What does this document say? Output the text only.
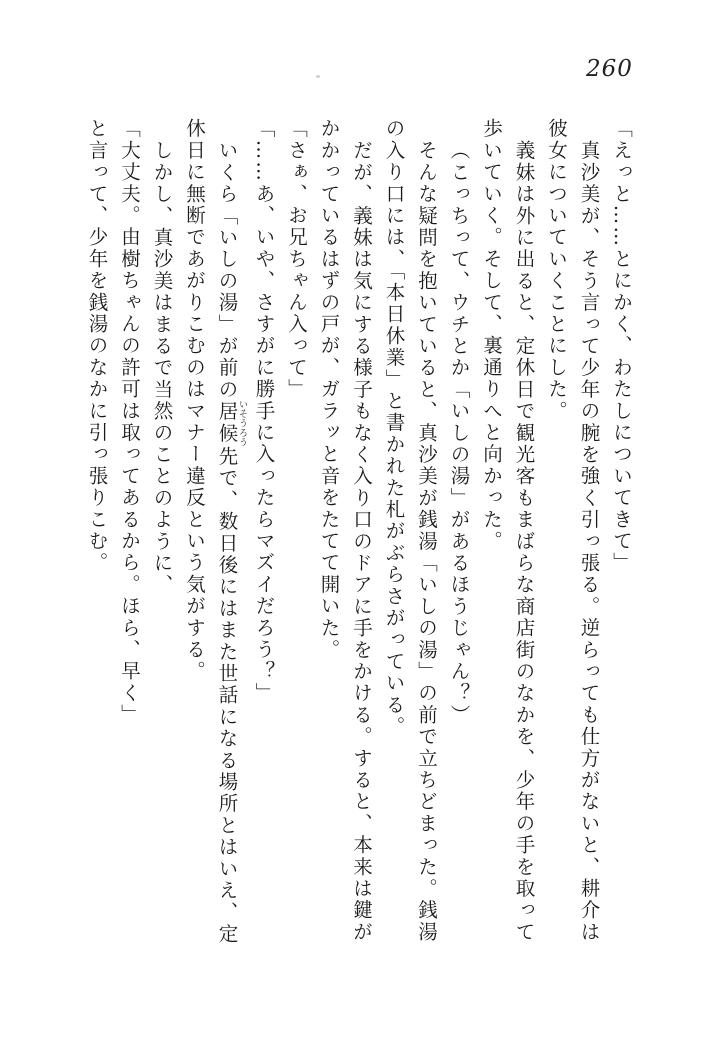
260

「えっと……とにかく、わたしについてきて」

真沙美が、そう言って少年の腕を強く引っ張る。逆らっても仕方がないと、耕介は

彼女についていくことにした。

義妹は外に出ると、定休日で観光客もまばらな商店街のなかを、少年の手を取って

歩いていく。そして、裏通りへと向かった。

（こっちって、ウチとか「いしの湯」があるほうじゃん？）

そんな疑問を抱いていると、真沙美が銭湯「いしの湯」の前で立ちどまった。銭湯

の入り口には、「本日休業」と書かれた札がぶらさがっている。

だが、義妹は気にする様子もなく入り口のドアに手をかける。すると、本来は鍵が

かかっているはずの戸が、ガラッと音をたてて開いた。

「さぁ、お兄ちゃん入って」

「……あ、いや、さすがに勝手に入ったらマズイだろう？」

いくら「いしの湯」が前の居候いそうろう先で、数日後にはまた世話になる場所とはいえ、定

休日に無断であがりこむのはマナー違反という気がする。

しかし、真沙美はまるで当然のことのように、

「大丈夫。由樹ちゃんの許可は取ってあるから。ほら、早く」

と言って、少年を銭湯のなかに引っ張りこむ。
